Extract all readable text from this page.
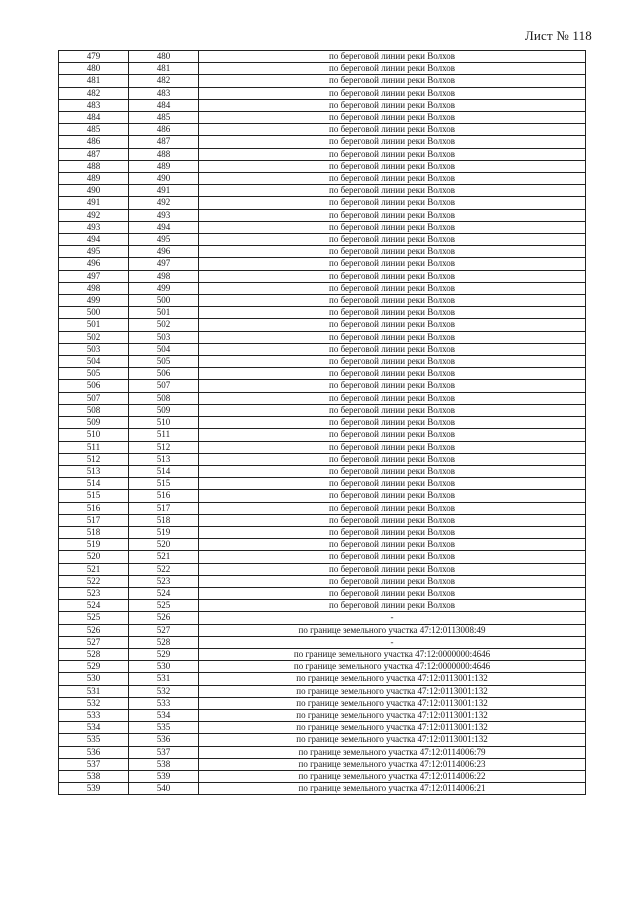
Лист № 118
479	480	по береговой линии реки Волхов
480	481	по береговой линии реки Волхов
481	482	по береговой линии реки Волхов
482	483	по береговой линии реки Волхов
483	484	по береговой линии реки Волхов
484	485	по береговой линии реки Волхов
485	486	по береговой линии реки Волхов
486	487	по береговой линии реки Волхов
487	488	по береговой линии реки Волхов
488	489	по береговой линии реки Волхов
489	490	по береговой линии реки Волхов
490	491	по береговой линии реки Волхов
491	492	по береговой линии реки Волхов
492	493	по береговой линии реки Волхов
493	494	по береговой линии реки Волхов
494	495	по береговой линии реки Волхов
495	496	по береговой линии реки Волхов
496	497	по береговой линии реки Волхов
497	498	по береговой линии реки Волхов
498	499	по береговой линии реки Волхов
499	500	по береговой линии реки Волхов
500	501	по береговой линии реки Волхов
501	502	по береговой линии реки Волхов
502	503	по береговой линии реки Волхов
503	504	по береговой линии реки Волхов
504	505	по береговой линии реки Волхов
505	506	по береговой линии реки Волхов
506	507	по береговой линии реки Волхов
507	508	по береговой линии реки Волхов
508	509	по береговой линии реки Волхов
509	510	по береговой линии реки Волхов
510	511	по береговой линии реки Волхов
511	512	по береговой линии реки Волхов
512	513	по береговой линии реки Волхов
513	514	по береговой линии реки Волхов
514	515	по береговой линии реки Волхов
515	516	по береговой линии реки Волхов
516	517	по береговой линии реки Волхов
517	518	по береговой линии реки Волхов
518	519	по береговой линии реки Волхов
519	520	по береговой линии реки Волхов
520	521	по береговой линии реки Волхов
521	522	по береговой линии реки Волхов
522	523	по береговой линии реки Волхов
523	524	по береговой линии реки Волхов
524	525	по береговой линии реки Волхов
525	526	-
526	527	по границе земельного участка 47:12:0113008:49
527	528	-
528	529	по границе земельного участка 47:12:0000000:4646
529	530	по границе земельного участка 47:12:0000000:4646
530	531	по границе земельного участка 47:12:0113001:132
531	532	по границе земельного участка 47:12:0113001:132
532	533	по границе земельного участка 47:12:0113001:132
533	534	по границе земельного участка 47:12:0113001:132
534	535	по границе земельного участка 47:12:0113001:132
535	536	по границе земельного участка 47:12:0113001:132
536	537	по границе земельного участка 47:12:0114006:79
537	538	по границе земельного участка 47:12:0114006:23
538	539	по границе земельного участка 47:12:0114006:22
539	540	по границе земельного участка 47:12:0114006:21
